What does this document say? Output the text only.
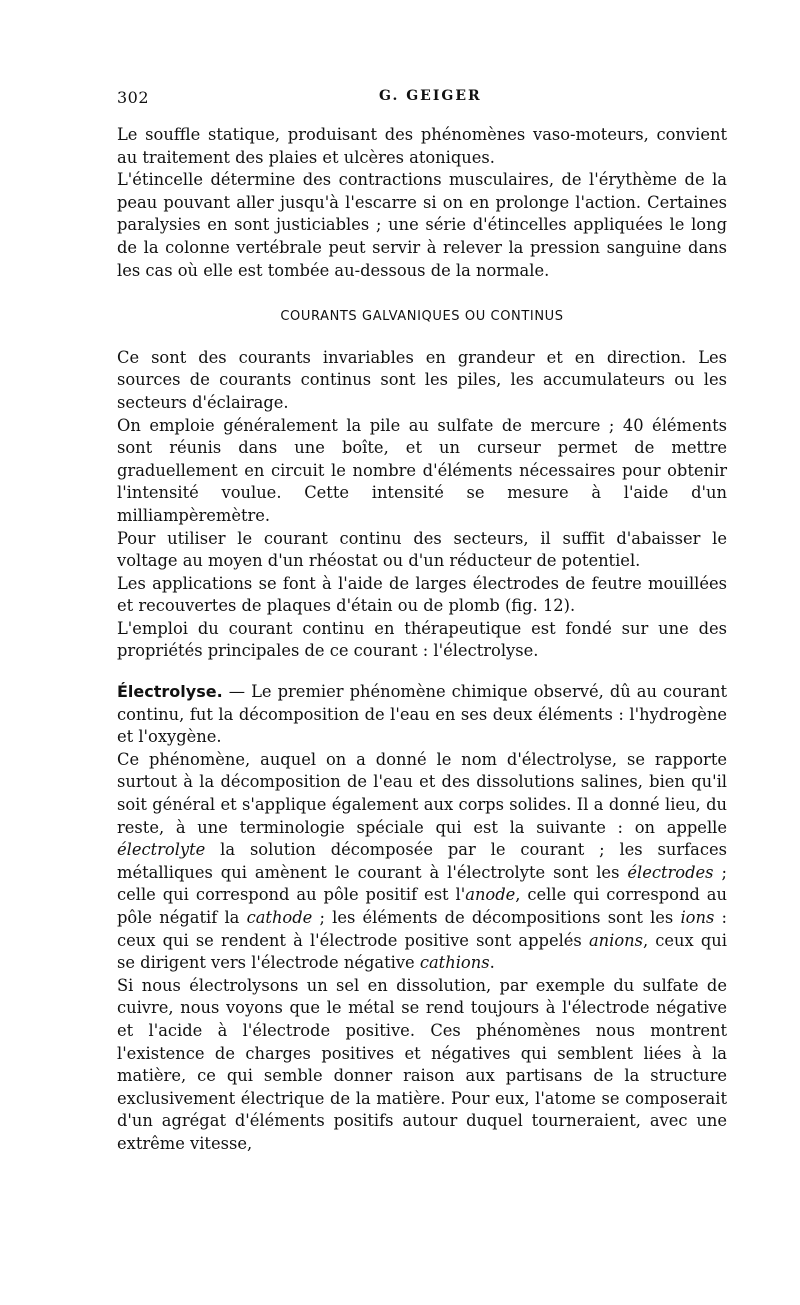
302	G. GEIGER

Le souffle statique, produisant des phénomènes vaso-moteurs, convient au traitement des plaies et ulcères atoniques.

L'étincelle détermine des contractions musculaires, de l'érythème de la peau pouvant aller jusqu'à l'escarre si on en prolonge l'action. Certaines paralysies en sont justiciables ; une série d'étincelles appliquées le long de la colonne vertébrale peut servir à relever la pression sanguine dans les cas où elle est tombée au-dessous de la normale.

COURANTS GALVANIQUES OU CONTINUS

Ce sont des courants invariables en grandeur et en direction. Les sources de courants continus sont les piles, les accumulateurs ou les secteurs d'éclairage.

On emploie généralement la pile au sulfate de mercure ; 40 éléments sont réunis dans une boîte, et un curseur permet de mettre graduellement en circuit le nombre d'éléments nécessaires pour obtenir l'intensité voulue. Cette intensité se mesure à l'aide d'un milliampèremètre.

Pour utiliser le courant continu des secteurs, il suffit d'abaisser le voltage au moyen d'un rhéostat ou d'un réducteur de potentiel.

Les applications se font à l'aide de larges électrodes de feutre mouillées et recouvertes de plaques d'étain ou de plomb (fig. 12).

L'emploi du courant continu en thérapeutique est fondé sur une des propriétés principales de ce courant : l'électrolyse.

Électrolyse. — Le premier phénomène chimique observé, dû au courant continu, fut la décomposition de l'eau en ses deux éléments : l'hydrogène et l'oxygène.

Ce phénomène, auquel on a donné le nom d'électrolyse, se rapporte surtout à la décomposition de l'eau et des dissolutions salines, bien qu'il soit général et s'applique également aux corps solides. Il a donné lieu, du reste, à une terminologie spéciale qui est la suivante : on appelle électrolyte la solution décomposée par le courant ; les surfaces métalliques qui amènent le courant à l'électrolyte sont les électrodes ; celle qui correspond au pôle positif est l'anode, celle qui correspond au pôle négatif la cathode ; les éléments de décompositions sont les ions : ceux qui se rendent à l'électrode positive sont appelés anions, ceux qui se dirigent vers l'électrode négative cathions.

Si nous électrolysons un sel en dissolution, par exemple du sulfate de cuivre, nous voyons que le métal se rend toujours à l'électrode négative et l'acide à l'électrode positive. Ces phénomènes nous montrent l'existence de charges positives et négatives qui semblent liées à la matière, ce qui semble donner raison aux partisans de la structure exclusivement électrique de la matière. Pour eux, l'atome se composerait d'un agrégat d'éléments positifs autour duquel tourneraient, avec une extrême vitesse,
